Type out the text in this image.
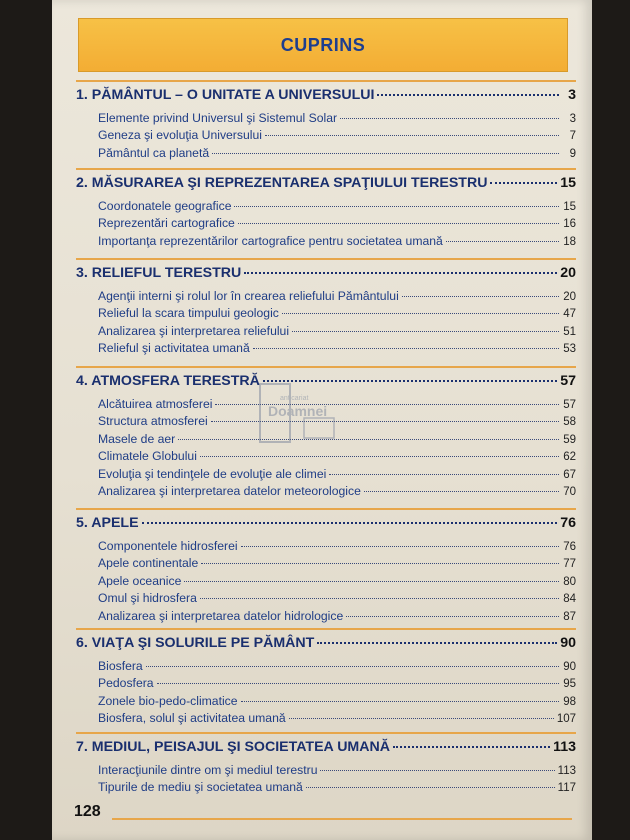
CUPRINS
1. PĂMÂNTUL – O UNITATE A UNIVERSULUI	3
Elemente privind Universul şi Sistemul Solar	3
Geneza şi evoluţia Universului	7
Pământul ca planetă	9
2. MĂSURAREA ŞI REPREZENTAREA SPAŢIULUI TERESTRU	15
Coordonatele geografice	15
Reprezentări cartografice	16
Importanţa reprezentărilor cartografice pentru societatea umană	18
3. RELIEFUL TERESTRU	20
Agenţii interni şi rolul lor în crearea reliefului Pământului	20
Relieful la scara timpului geologic	47
Analizarea şi interpretarea reliefului	51
Relieful şi activitatea umană	53
4. ATMOSFERA TERESTRĂ	57
Alcătuirea atmosferei	57
Structura atmosferei	58
Masele de aer	59
Climatele Globului	62
Evoluţia şi tendinţele de evoluţie ale climei	67
Analizarea şi interpretarea datelor meteorologice	70
5. APELE	76
Componentele hidrosferei	76
Apele continentale	77
Apele oceanice	80
Omul şi hidrosfera	84
Analizarea şi interpretarea datelor hidrologice	87
6. VIAŢA ŞI SOLURILE PE PĂMÂNT	90
Biosfera	90
Pedosfera	95
Zonele bio-pedo-climatice	98
Biosfera, solul şi activitatea umană	107
7. MEDIUL, PEISAJUL ŞI SOCIETATEA UMANĂ	113
Interacţiunile dintre om şi mediul terestru	113
Tipurile de mediu şi societatea umană	117
anticariat
Doamnei
128
